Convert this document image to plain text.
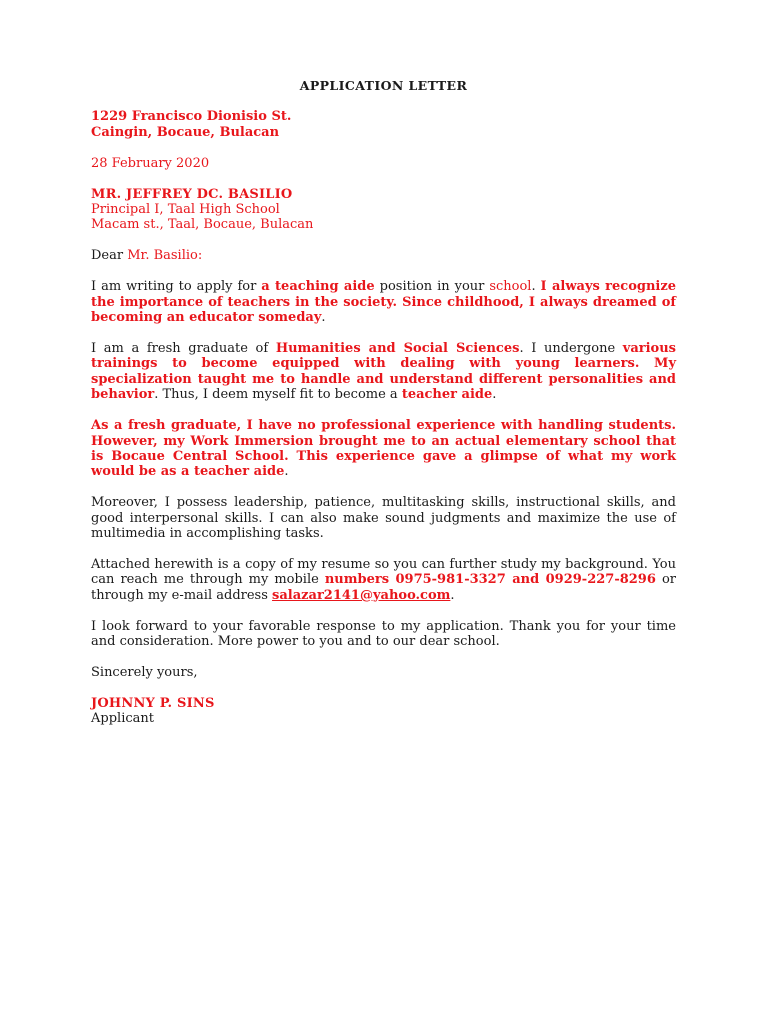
APPLICATION LETTER
1229 Francisco Dionisio St.
Caingin, Bocaue, Bulacan
28 February 2020
MR. JEFFREY DC. BASILIO
Principal I, Taal High School
Macam st., Taal, Bocaue, Bulacan
Dear Mr. Basilio:

I am writing to apply for a teaching aide position in your school. I always recognize the importance of teachers in the society. Since childhood, I always dreamed of becoming an educator someday.

I am a fresh graduate of Humanities and Social Sciences. I undergone various trainings to become equipped with dealing with young learners. My specialization taught me to handle and understand different personalities and behavior. Thus, I deem myself fit to become a teacher aide.

As a fresh graduate, I have no professional experience with handling students. However, my Work Immersion brought me to an actual elementary school that is Bocaue Central School. This experience gave a glimpse of what my work would be as a teacher aide.

Moreover, I possess leadership, patience, multitasking skills, instructional skills, and good interpersonal skills. I can also make sound judgments and maximize the use of multimedia in accomplishing tasks.

Attached herewith is a copy of my resume so you can further study my background. You can reach me through my mobile numbers 0975-981-3327 and 0929-227-8296 or through my e-mail address salazar2141@yahoo.com.

I look forward to your favorable response to my application. Thank you for your time and consideration. More power to you and to our dear school.

Sincerely yours,
JOHNNY P. SINS
Applicant
